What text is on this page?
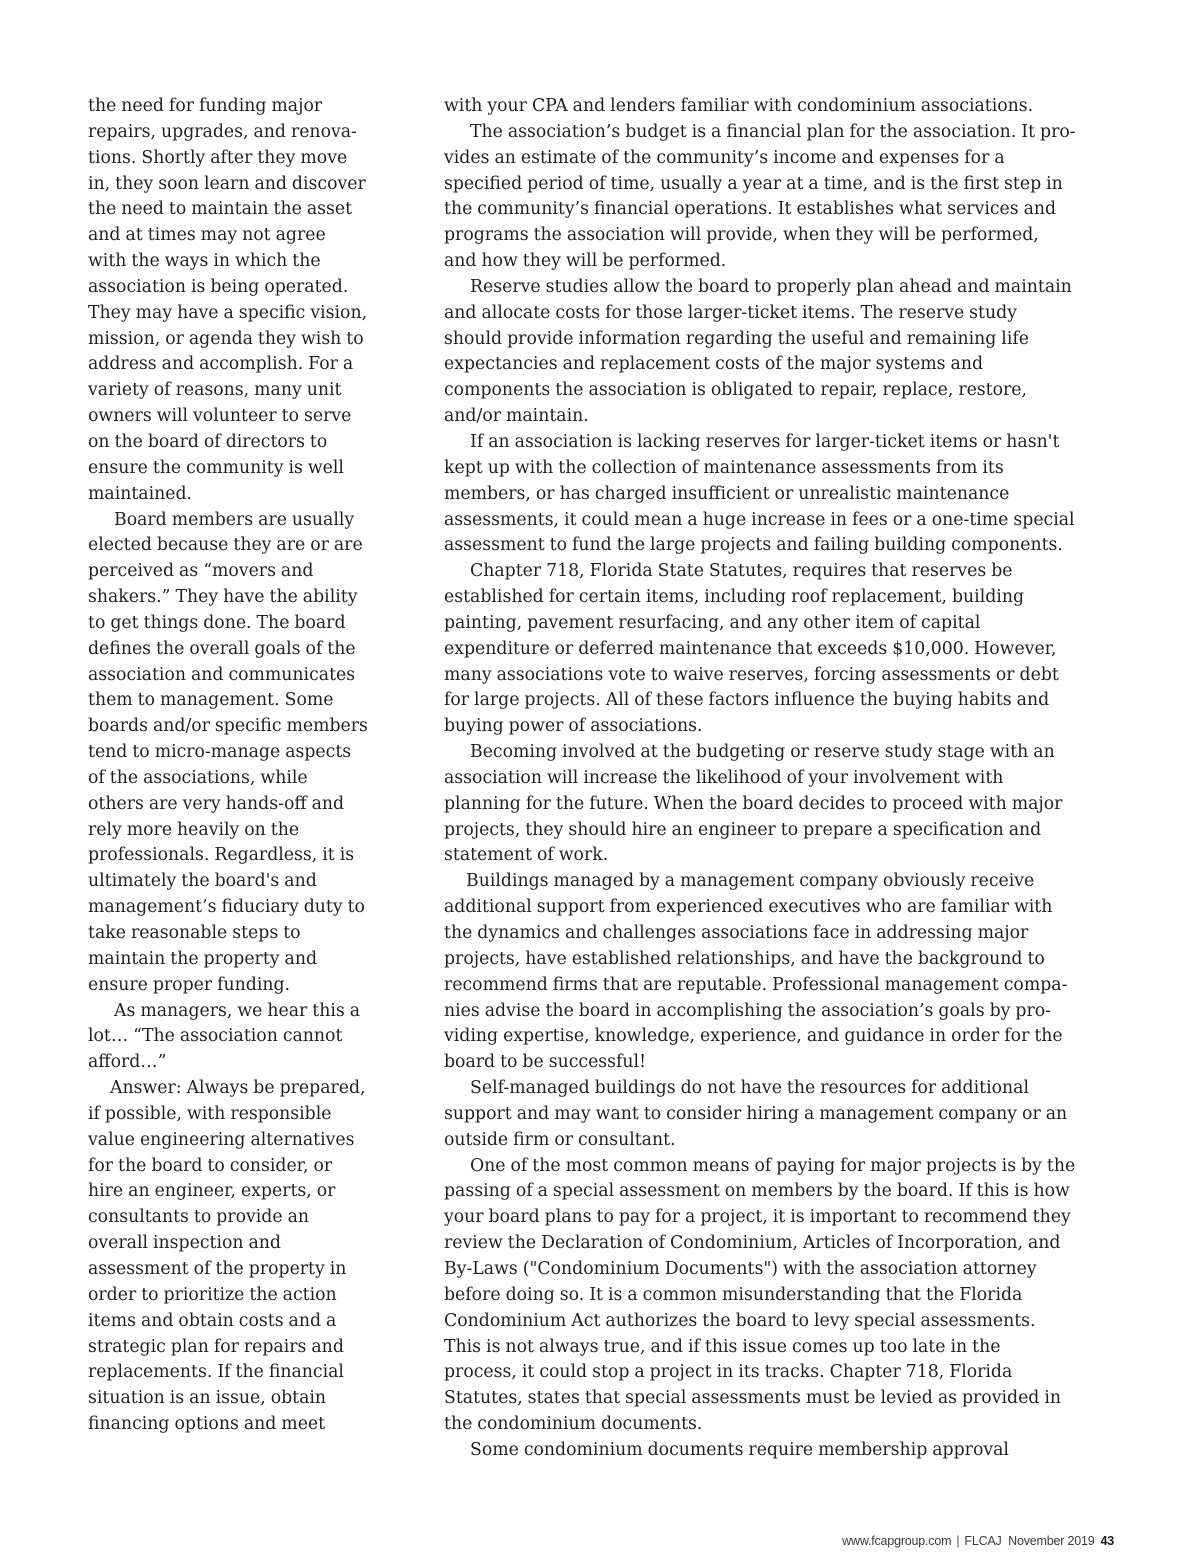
the need for funding major repairs, upgrades, and renovations. Shortly after they move in, they soon learn and discover the need to maintain the asset and at times may not agree with the ways in which the association is being operated. They may have a specific vision, mission, or agenda they wish to address and accomplish. For a variety of reasons, many unit owners will volunteer to serve on the board of directors to ensure the community is well maintained.

Board members are usually elected because they are or are perceived as “movers and shakers.” They have the ability to get things done. The board defines the overall goals of the association and communicates them to management. Some boards and/or specific members tend to micro-manage aspects of the associations, while others are very hands-off and rely more heavily on the professionals. Regardless, it is ultimately the board's and management’s fiduciary duty to take reasonable steps to maintain the property and ensure proper funding.

As managers, we hear this a lot… “The association cannot afford…”

Answer: Always be prepared, if possible, with responsible value engineering alternatives for the board to consider, or hire an engineer, experts, or consultants to provide an overall inspection and assessment of the property in order to prioritize the action items and obtain costs and a strategic plan for repairs and replacements. If the financial situation is an issue, obtain financing options and meet

with your CPA and lenders familiar with condominium associations.

The association’s budget is a financial plan for the association. It provides an estimate of the community’s income and expenses for a specified period of time, usually a year at a time, and is the first step in the community’s financial operations. It establishes what services and programs the association will provide, when they will be performed, and how they will be performed.

Reserve studies allow the board to properly plan ahead and maintain and allocate costs for those larger-ticket items. The reserve study should provide information regarding the useful and remaining life expectancies and replacement costs of the major systems and components the association is obligated to repair, replace, restore, and/or maintain.

If an association is lacking reserves for larger-ticket items or hasn't kept up with the collection of maintenance assessments from its members, or has charged insufficient or unrealistic maintenance assessments, it could mean a huge increase in fees or a one-time special assessment to fund the large projects and failing building components.

Chapter 718, Florida State Statutes, requires that reserves be established for certain items, including roof replacement, building painting, pavement resurfacing, and any other item of capital expenditure or deferred maintenance that exceeds $10,000. However, many associations vote to waive reserves, forcing assessments or debt for large projects. All of these factors influence the buying habits and buying power of associations.

Becoming involved at the budgeting or reserve study stage with an association will increase the likelihood of your involvement with planning for the future. When the board decides to proceed with major projects, they should hire an engineer to prepare a specification and statement of work.

Buildings managed by a management company obviously receive additional support from experienced executives who are familiar with the dynamics and challenges associations face in addressing major projects, have established relationships, and have the background to recommend firms that are reputable. Professional management companies advise the board in accomplishing the association’s goals by providing expertise, knowledge, experience, and guidance in order for the board to be successful!

Self-managed buildings do not have the resources for additional support and may want to consider hiring a management company or an outside firm or consultant.

One of the most common means of paying for major projects is by the passing of a special assessment on members by the board. If this is how your board plans to pay for a project, it is important to recommend they review the Declaration of Condominium, Articles of Incorporation, and By-Laws ("Condominium Documents") with the association attorney before doing so. It is a common misunderstanding that the Florida Condominium Act authorizes the board to levy special assessments. This is not always true, and if this issue comes up too late in the process, it could stop a project in its tracks. Chapter 718, Florida Statutes, states that special assessments must be levied as provided in the condominium documents.

Some condominium documents require membership approval

www.fcapgroup.com | FLCAJ November 2019 43
